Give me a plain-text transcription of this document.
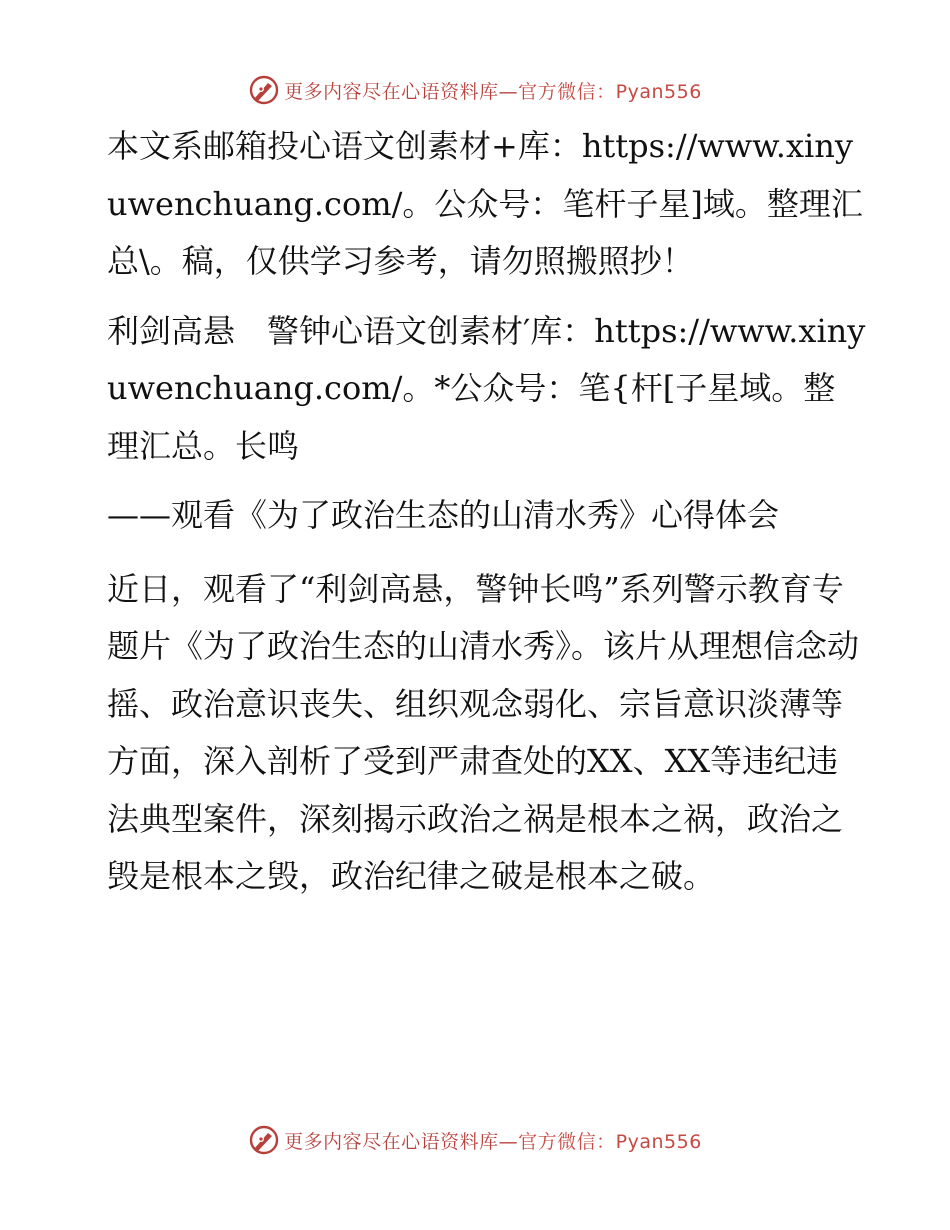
更多内容尽在心语资料库—官方微信：Pyan556

本文系邮箱投心语文创素材+库：https://www.xinyuwenchuang.com/。公众号：笔杆子星]域。整理汇总\。稿，仅供学习参考，请勿照搬照抄！

利剑高悬　警钟心语文创素材′库：https://www.xinyuwenchuang.com/。*公众号：笔{杆[子星域。整理汇总。长鸣

——观看《为了政治生态的山清水秀》心得体会

近日，观看了“利剑高悬，警钟长鸣”系列警示教育专题片《为了政治生态的山清水秀》。该片从理想信念动摇、政治意识丧失、组织观念弱化、宗旨意识淡薄等方面，深入剖析了受到严肃查处的XX、XX等违纪违法典型案件，深刻揭示政治之祸是根本之祸，政治之毁是根本之毁，政治纪律之破是根本之破。

更多内容尽在心语资料库—官方微信：Pyan556
